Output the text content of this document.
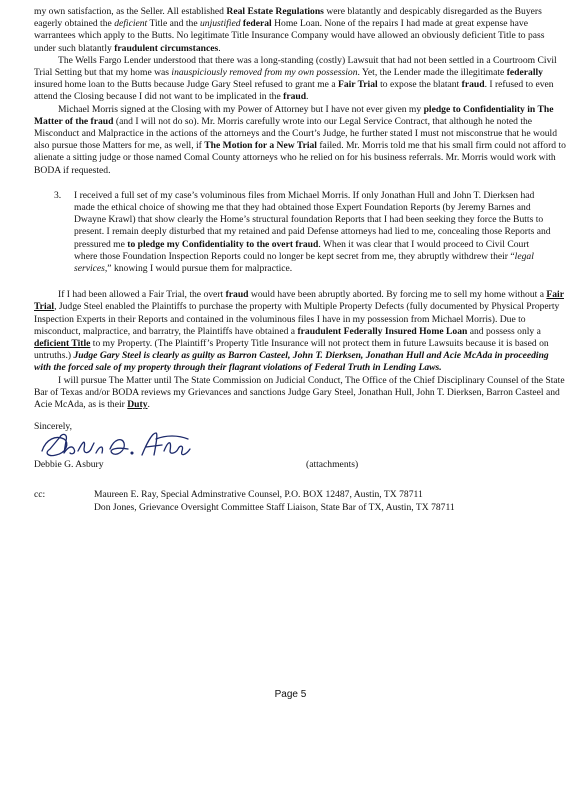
my own satisfaction, as the Seller. All established Real Estate Regulations were blatantly and despicably disregarded as the Buyers eagerly obtained the deficient Title and the unjustified federal Home Loan. None of the repairs I had made at great expense have warrantees which apply to the Butts. No legitimate Title Insurance Company would have allowed an obviously deficient Title to pass under such blatantly fraudulent circumstances.

The Wells Fargo Lender understood that there was a long-standing (costly) Lawsuit that had not been settled in a Courtroom Civil Trial Setting but that my home was inauspiciously removed from my own possession. Yet, the Lender made the illegitimate federally insured home loan to the Butts because Judge Gary Steel refused to grant me a Fair Trial to expose the blatant fraud. I refused to even attend the Closing because I did not want to be implicated in the fraud.

Michael Morris signed at the Closing with my Power of Attorney but I have not ever given my pledge to Confidentiality in The Matter of the fraud (and I will not do so). Mr. Morris carefully wrote into our Legal Service Contract, that although he noted the Misconduct and Malpractice in the actions of the attorneys and the Court’s Judge, he further stated I must not misconstrue that he would also pursue those Matters for me, as well, if The Motion for a New Trial failed. Mr. Morris told me that his small firm could not afford to alienate a sitting judge or those named Comal County attorneys who he relied on for his business referrals. Mr. Morris would work with BODA if requested.

3.	I received a full set of my case’s voluminous files from Michael Morris. If only Jonathan Hull and John T. Dierksen had made the ethical choice of showing me that they had obtained those Expert Foundation Reports (by Jeremy Barnes and Dwayne Krawl) that show clearly the Home’s structural foundation Reports that I had been seeking they force the Butts to present. I remain deeply disturbed that my retained and paid Defense attorneys had lied to me, concealing those Reports and pressured me to pledge my Confidentiality to the overt fraud. When it was clear that I would proceed to Civil Court where those Foundation Inspection Reports could no longer be kept secret from me, they abruptly withdrew their “legal services,” knowing I would pursue them for malpractice.

If I had been allowed a Fair Trial, the overt fraud would have been abruptly aborted. By forcing me to sell my home without a Fair Trial, Judge Steel enabled the Plaintiffs to purchase the property with Multiple Property Defects (fully documented by Physical Property Inspection Experts in their Reports and contained in the voluminous files I have in my possession from Michael Morris). Due to misconduct, malpractice, and barratry, the Plaintiffs have obtained a fraudulent Federally Insured Home Loan and possess only a deficient Title to my Property. (The Plaintiff’s Property Title Insurance will not protect them in future Lawsuits because it is based on untruths.) Judge Gary Steel is clearly as guilty as Barron Casteel, John T. Dierksen, Jonathan Hull and Acie McAda in proceeding with the forced sale of my property through their flagrant violations of Federal Truth in Lending Laws.

I will pursue The Matter until The State Commission on Judicial Conduct, The Office of the Chief Disciplinary Counsel of the State Bar of Texas and/or BODA reviews my Grievances and sanctions Judge Gary Steel, Jonathan Hull, John T. Dierksen, Barron Casteel and Acie McAda, as is their Duty.

Sincerely,
Debbie G. Asbury	(attachments)
cc:	Maureen E. Ray, Special Adminstrative Counsel, P.O. BOX 12487, Austin, TX 78711
Don Jones, Grievance Oversight Committee Staff Liaison, State Bar of TX, Austin, TX 78711
Page 5
